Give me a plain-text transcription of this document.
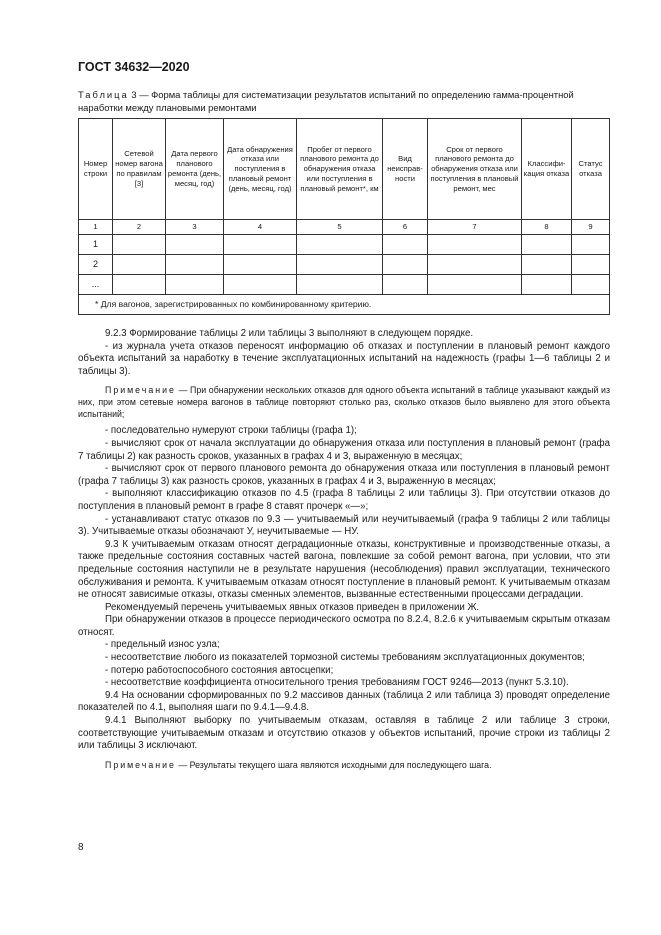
ГОСТ 34632—2020
Таблица 3 — Форма таблицы для систематизации результатов испытаний по определению гамма-процентной наработки между плановыми ремонтами
Номер строки	Сетевой номер вагона по правилам [3]	Дата первого планового ремонта (день, месяц, год)	Дата обнаружения отказа или поступления в плановый ремонт (день, месяц, год)	Пробег от первого планового ремонта до обнаружения отказа или поступления в плановый ремонт*, км	Вид неисправ-ности	Срок от первого планового ремонта до обнаружения отказа или поступления в плановый ремонт, мес	Классифи-кация отказа	Статус отказа
1	2	3	4	5	6	7	8	9
1								
2								
...								
* Для вагонов, зарегистрированных по комбинированному критерию.								

9.2.3 Формирование таблицы 2 или таблицы 3 выполняют в следующем порядке.

- из журнала учета отказов переносят информацию об отказах и поступлении в плановый ремонт каждого объекта испытаний за наработку в течение эксплуатационных испытаний на надежность (графы 1—6 таблицы 2 и таблицы 3).

Примечание — При обнаружении нескольких отказов для одного объекта испытаний в таблице указывают каждый из них, при этом сетевые номера вагонов в таблице повторяют столько раз, сколько отказов было выявлено для этого объекта испытаний;

- последовательно нумеруют строки таблицы (графа 1);

- вычисляют срок от начала эксплуатации до обнаружения отказа или поступления в плановый ремонт (графа 7 таблицы 2) как разность сроков, указанных в графах 4 и 3, выраженную в месяцах;

- вычисляют срок от первого планового ремонта до обнаружения отказа или поступления в плановый ремонт (графа 7 таблицы 3) как разность сроков, указанных в графах 4 и 3, выраженную в месяцах;

- выполняют классификацию отказов по 4.5 (графа 8 таблицы 2 или таблицы 3). При отсутствии отказов до поступления в плановый ремонт в графе 8 ставят прочерк «—»;

- устанавливают статус отказов по 9.3 — учитываемый или неучитываемый (графа 9 таблицы 2 или таблицы 3). Учитываемые отказы обозначают У, неучитываемые — НУ.

9.3 К учитываемым отказам относят деградационные отказы, конструктивные и производственные отказы, а также предельные состояния составных частей вагона, повлекшие за собой ремонт вагона, при условии, что эти предельные состояния наступили не в результате нарушения (несоблюдения) правил эксплуатации, технического обслуживания и ремонта. К учитываемым отказам относят поступление в плановый ремонт. К учитываемым отказам не относят зависимые отказы, отказы сменных элементов, вызванные естественными процессами деградации.

Рекомендуемый перечень учитываемых явных отказов приведен в приложении Ж.

При обнаружении отказов в процессе периодического осмотра по 8.2.4, 8.2.6 к учитываемым скрытым отказам относят.

- предельный износ узла;

- несоответствие любого из показателей тормозной системы требованиям эксплуатационных документов;

- потерю работоспособного состояния автосцепки;

- несоответствие коэффициента относительного трения требованиям ГОСТ 9246—2013 (пункт 5.3.10).

9.4 На основании сформированных по 9.2 массивов данных (таблица 2 или таблица 3) проводят определение показателей по 4.1, выполняя шаги по 9.4.1—9.4.8.

9.4.1 Выполняют выборку по учитываемым отказам, оставляя в таблице 2 или таблице 3 строки, соответствующие учитываемым отказам и отсутствию отказов у объектов испытаний, прочие строки из таблицы 2 или таблицы 3 исключают.

Примечание — Результаты текущего шага являются исходными для последующего шага.

8
